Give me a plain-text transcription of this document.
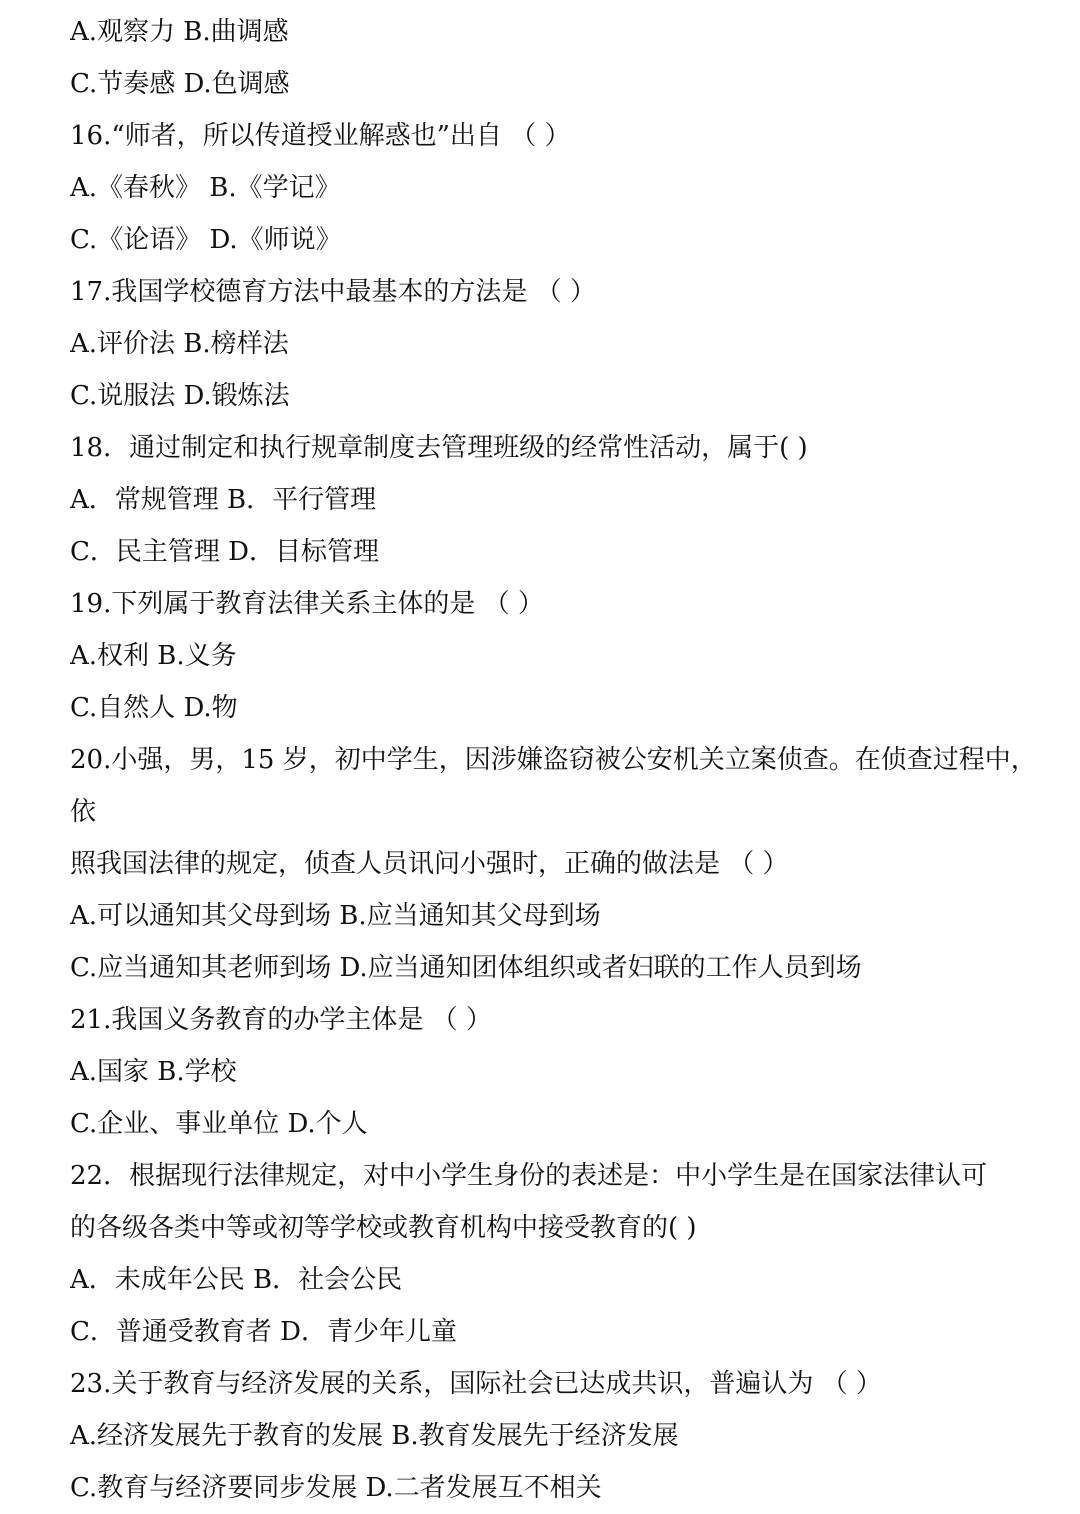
A.观察力 B.曲调感
C.节奏感 D.色调感
16.“师者，所以传道授业解惑也”出自 （ ）
A.《春秋》 B.《学记》
C.《论语》 D.《师说》
17.我国学校德育方法中最基本的方法是 （ ）
A.评价法 B.榜样法
C.说服法 D.锻炼法
18．通过制定和执行规章制度去管理班级的经常性活动，属于( )
A．常规管理 B．平行管理
C．民主管理 D．目标管理
19.下列属于教育法律关系主体的是 （ ）
A.权利 B.义务
C.自然人 D.物
20.小强，男，15 岁，初中学生，因涉嫌盗窃被公安机关立案侦查。在侦查过程中，
依
照我国法律的规定，侦查人员讯问小强时，正确的做法是 （ ）
A.可以通知其父母到场 B.应当通知其父母到场
C.应当通知其老师到场 D.应当通知团体组织或者妇联的工作人员到场
21.我国义务教育的办学主体是 （ ）
A.国家 B.学校
C.企业、事业单位 D.个人
22．根据现行法律规定，对中小学生身份的表述是：中小学生是在国家法律认可
的各级各类中等或初等学校或教育机构中接受教育的( )
A．未成年公民 B．社会公民
C．普通受教育者 D．青少年儿童
23.关于教育与经济发展的关系，国际社会已达成共识，普遍认为 （ ）
A.经济发展先于教育的发展 B.教育发展先于经济发展
C.教育与经济要同步发展 D.二者发展互不相关
